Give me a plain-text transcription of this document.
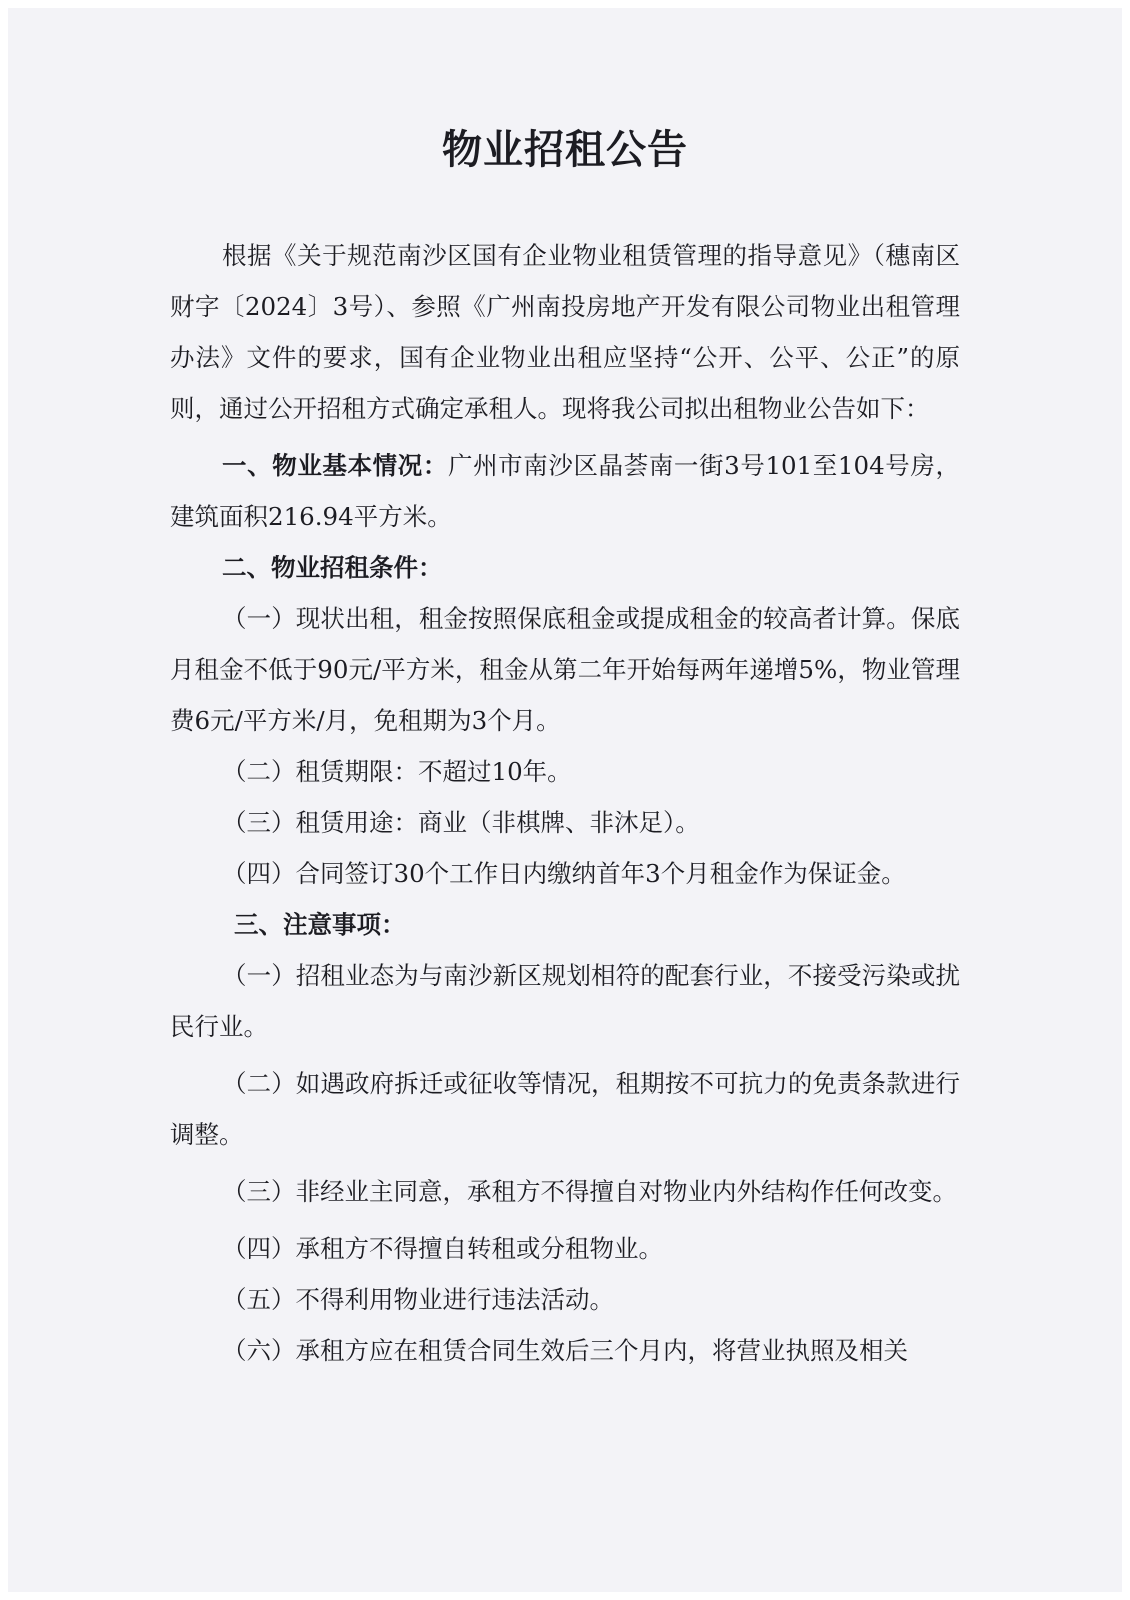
物业招租公告

根据《关于规范南沙区国有企业物业租赁管理的指导意见》（穗南区财字〔2024〕3号）、参照《广州南投房地产开发有限公司物业出租管理办法》文件的要求，国有企业物业出租应坚持“公开、公平、公正”的原则，通过公开招租方式确定承租人。现将我公司拟出租物业公告如下：

一、物业基本情况：广州市南沙区晶荟南一街3号101至104号房，建筑面积216.94平方米。

二、物业招租条件：

（一）现状出租，租金按照保底租金或提成租金的较高者计算。保底月租金不低于90元/平方米，租金从第二年开始每两年递增5%，物业管理费6元/平方米/月，免租期为3个月。

（二）租赁期限：不超过10年。

（三）租赁用途：商业（非棋牌、非沐足）。

（四）合同签订30个工作日内缴纳首年3个月租金作为保证金。

三、注意事项：

（一）招租业态为与南沙新区规划相符的配套行业，不接受污染或扰民行业。

（二）如遇政府拆迁或征收等情况，租期按不可抗力的免责条款进行调整。

（三）非经业主同意，承租方不得擅自对物业内外结构作任何改变。

（四）承租方不得擅自转租或分租物业。

（五）不得利用物业进行违法活动。

（六）承租方应在租赁合同生效后三个月内，将营业执照及相关
